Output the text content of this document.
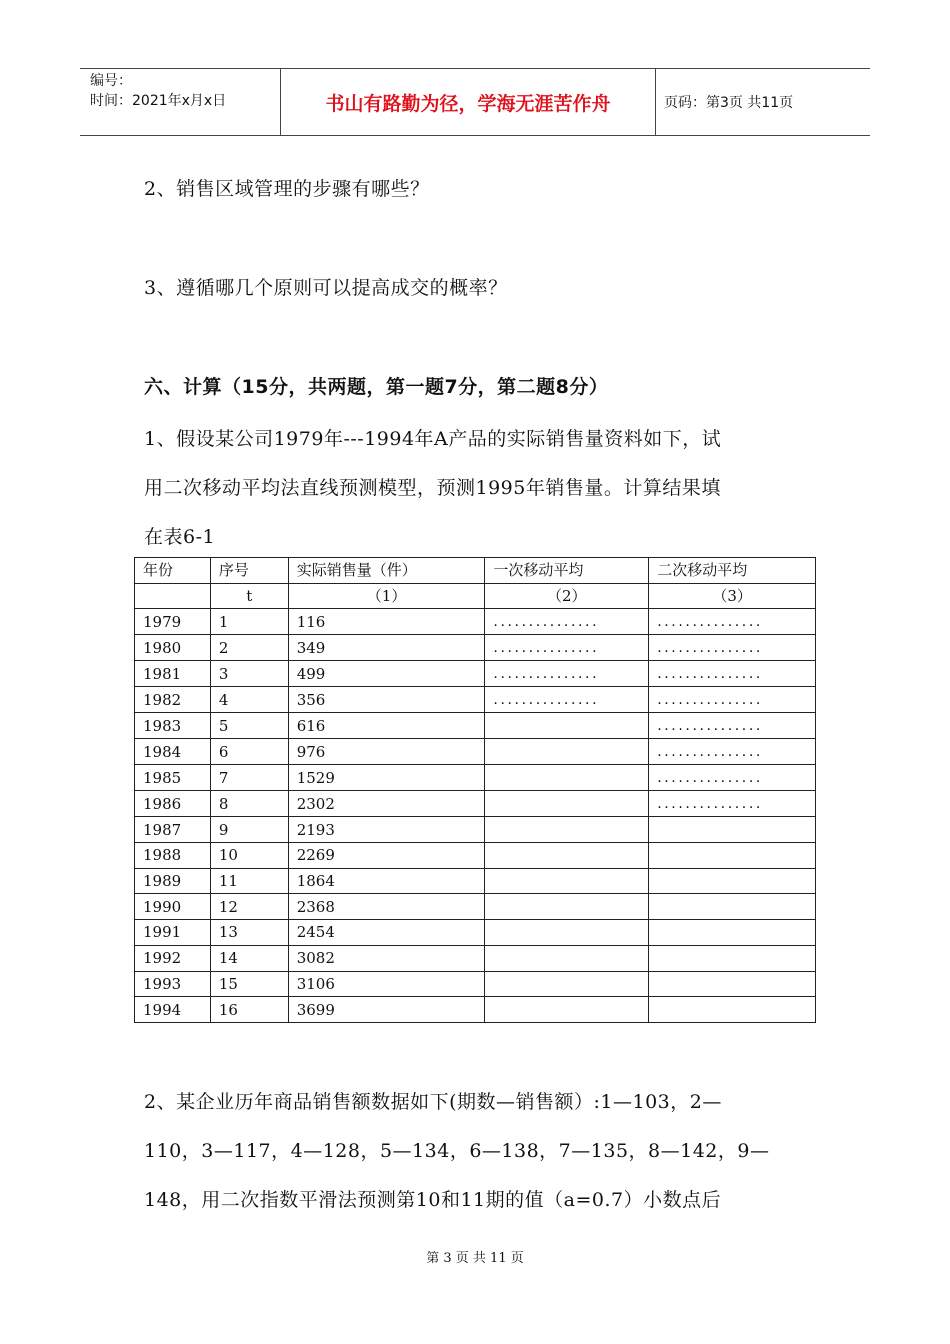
编号：
时间：2021年x月x日	书山有路勤为径，学海无涯苦作舟	页码：第3页 共11页
2、销售区域管理的步骤有哪些？
3、遵循哪几个原则可以提高成交的概率？
六、计算（15分，共两题，第一题7分，第二题8分）
1、假设某公司1979年---1994年A产品的实际销售量资料如下，试
用二次移动平均法直线预测模型，预测1995年销售量。计算结果填
在表6-1
年份	序号	实际销售量（件）	一次移动平均	二次移动平均
	t	（1）	（2）	（3）
1979	1	116	...............	...............
1980	2	349	...............	...............
1981	3	499	...............	...............
1982	4	356	...............	...............
1983	5	616		...............
1984	6	976		...............
1985	7	1529		...............
1986	8	2302		...............
1987	9	2193		
1988	10	2269		
1989	11	1864		
1990	12	2368		
1991	13	2454		
1992	14	3082		
1993	15	3106		
1994	16	3699		
2、某企业历年商品销售额数据如下(期数—销售额）:1—103，2—
110，3—117，4—128，5—134，6—138，7—135，8—142，9—
148，用二次指数平滑法预测第10和11期的值（a=0.7）小数点后
第 3 页 共 11 页
